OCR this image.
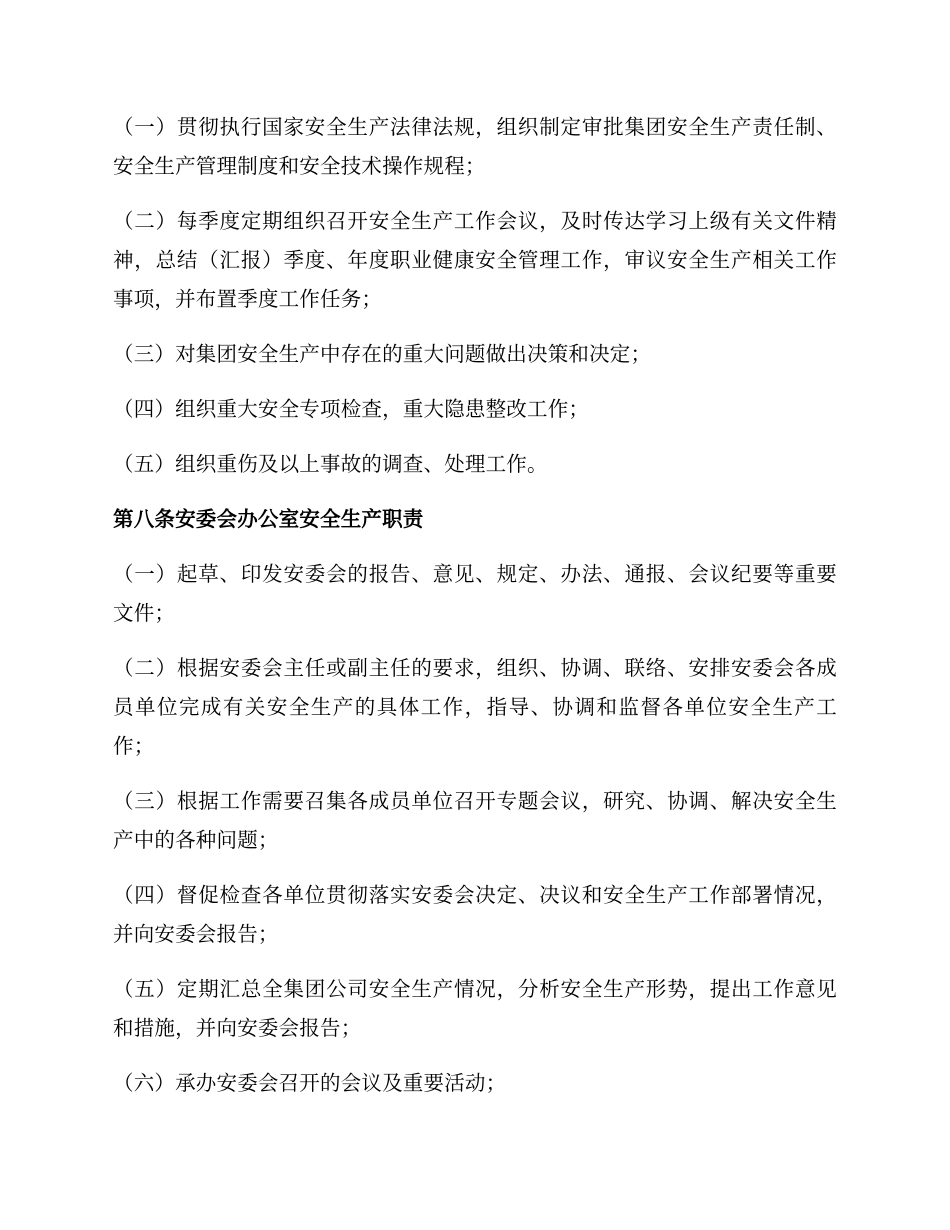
（一）贯彻执行国家安全生产法律法规，组织制定审批集团安全生产责任制、安全生产管理制度和安全技术操作规程；

（二）每季度定期组织召开安全生产工作会议，及时传达学习上级有关文件精神，总结（汇报）季度、年度职业健康安全管理工作，审议安全生产相关工作事项，并布置季度工作任务；

（三）对集团安全生产中存在的重大问题做出决策和决定；

（四）组织重大安全专项检查，重大隐患整改工作；

（五）组织重伤及以上事故的调查、处理工作。

第八条安委会办公室安全生产职责

（一）起草、印发安委会的报告、意见、规定、办法、通报、会议纪要等重要文件；

（二）根据安委会主任或副主任的要求，组织、协调、联络、安排安委会各成员单位完成有关安全生产的具体工作，指导、协调和监督各单位安全生产工作；

（三）根据工作需要召集各成员单位召开专题会议，研究、协调、解决安全生产中的各种问题；

（四）督促检查各单位贯彻落实安委会决定、决议和安全生产工作部署情况，并向安委会报告；

（五）定期汇总全集团公司安全生产情况，分析安全生产形势，提出工作意见和措施，并向安委会报告；

（六）承办安委会召开的会议及重要活动；
